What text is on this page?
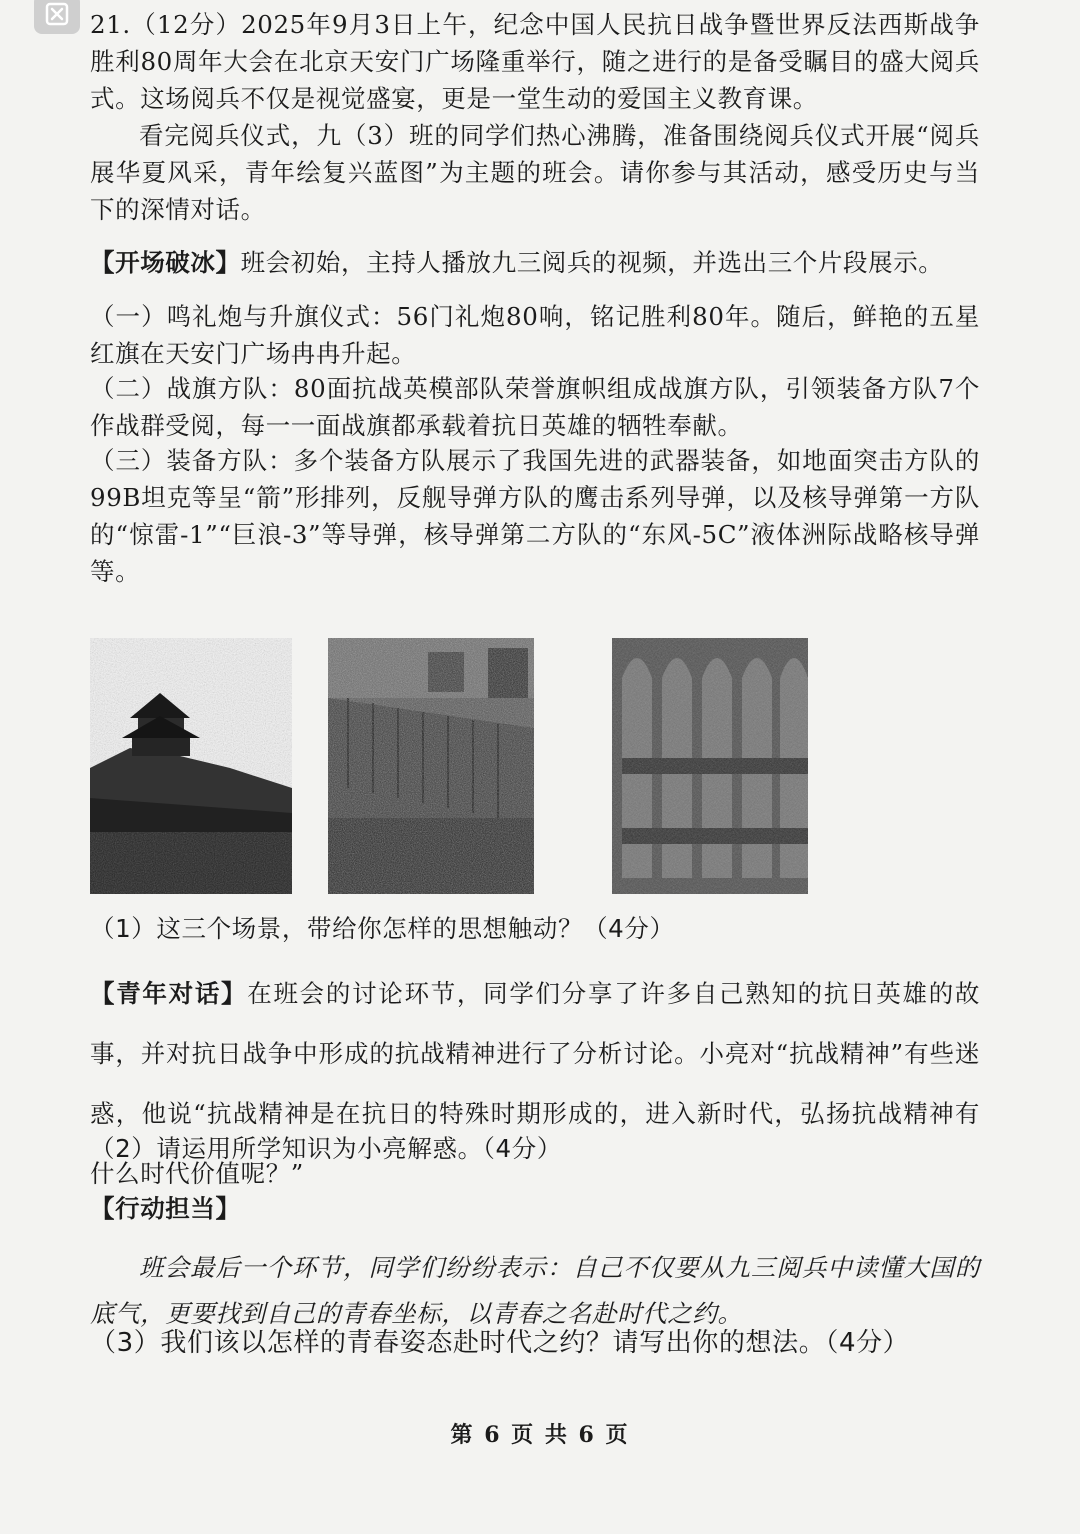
21.（12分）2025年9月3日上午，纪念中国人民抗日战争暨世界反法西斯战争胜利80周年大会在北京天安门广场隆重举行，随之进行的是备受瞩目的盛大阅兵式。这场阅兵不仅是视觉盛宴，更是一堂生动的爱国主义教育课。

看完阅兵仪式，九（3）班的同学们热心沸腾，准备围绕阅兵仪式开展“阅兵展华夏风采，青年绘复兴蓝图”为主题的班会。请你参与其活动，感受历史与当下的深情对话。

【开场破冰】班会初始，主持人播放九三阅兵的视频，并选出三个片段展示。

（一）鸣礼炮与升旗仪式：56门礼炮80响，铭记胜利80年。随后，鲜艳的五星红旗在天安门广场冉冉升起。

（二）战旗方队：80面抗战英模部队荣誉旗帜组成战旗方队，引领装备方队7个作战群受阅，每一一面战旗都承载着抗日英雄的牺牲奉献。

（三）装备方队：多个装备方队展示了我国先进的武器装备，如地面突击方队的99B坦克等呈“箭”形排列，反舰导弹方队的鹰击系列导弹，以及核导弹第一方队的“惊雷-1”“巨浪-3”等导弹，核导弹第二方队的“东风-5C”液体洲际战略核导弹等。

（1）这三个场景，带给你怎样的思想触动？（4分）

【青年对话】在班会的讨论环节，同学们分享了许多自己熟知的抗日英雄的故事，并对抗日战争中形成的抗战精神进行了分析讨论。小亮对“抗战精神”有些迷惑，他说“抗战精神是在抗日的特殊时期形成的，进入新时代，弘扬抗战精神有什么时代价值呢？”

（2）请运用所学知识为小亮解惑。（4分）

【行动担当】

班会最后一个环节，同学们纷纷表示：自己不仅要从九三阅兵中读懂大国的底气，更要找到自己的青春坐标，以青春之名赴时代之约。

（3）我们该以怎样的青春姿态赴时代之约？请写出你的想法。（4分）

第 6 页 共 6 页
